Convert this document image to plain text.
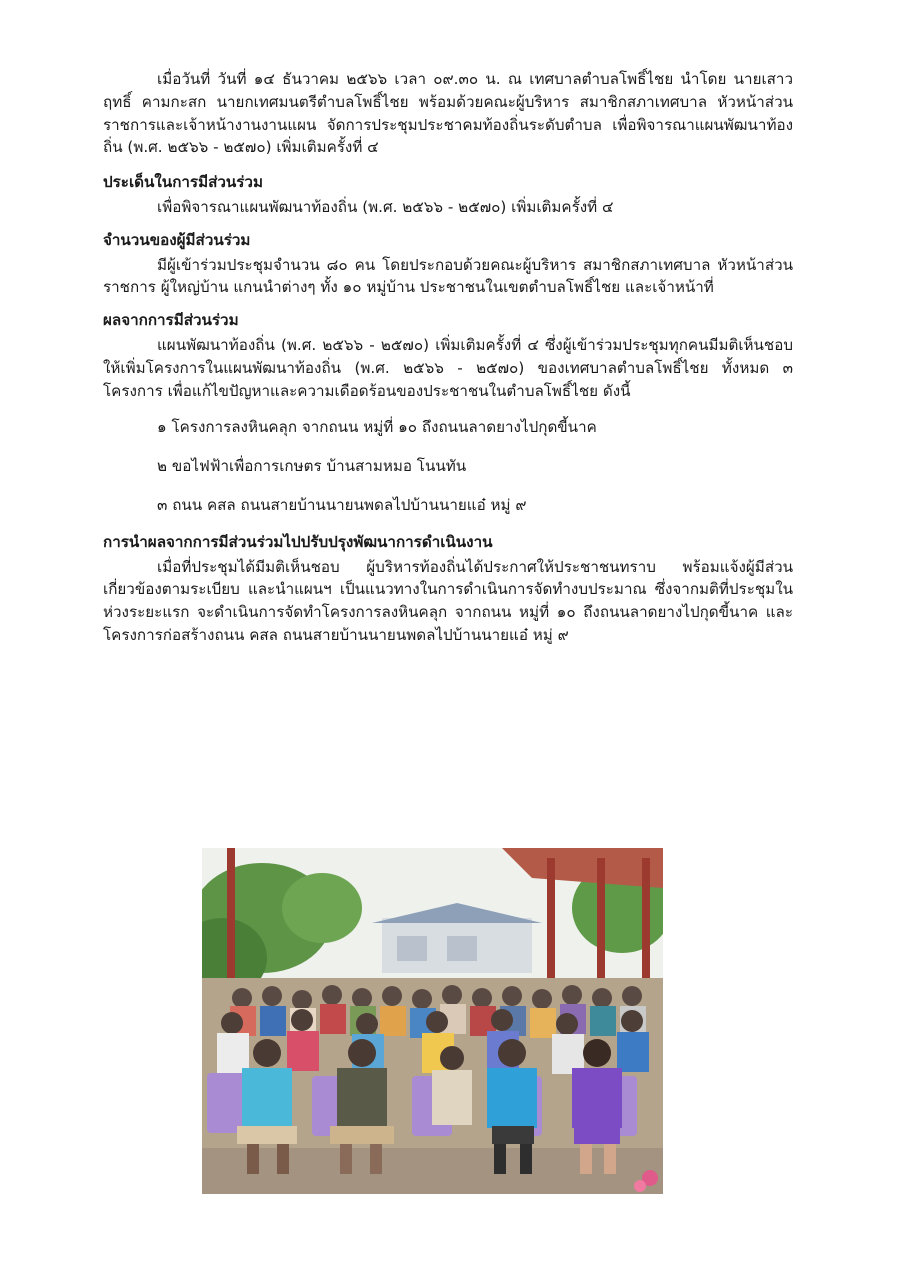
เมื่อวันที่ วันที่ ๑๔ ธันวาคม ๒๕๖๖ เวลา ๐๙.๓๐ น. ณ เทศบาลตำบลโพธิ์ไชย นำโดย นายเสาวฤทธิ์ คามกะสก นายกเทศมนตรีตำบลโพธิ์ไชย พร้อมด้วยคณะผู้บริหาร สมาชิกสภาเทศบาล หัวหน้าส่วนราชการและเจ้าหน้างานงานแผน จัดการประชุมประชาคมท้องถิ่นระดับตำบล เพื่อพิจารณาแผนพัฒนาท้องถิ่น (พ.ศ. ๒๕๖๖ - ๒๕๗๐) เพิ่มเติมครั้งที่ ๔

ประเด็นในการมีส่วนร่วม

เพื่อพิจารณาแผนพัฒนาท้องถิ่น (พ.ศ. ๒๕๖๖ - ๒๕๗๐) เพิ่มเติมครั้งที่ ๔

จำนวนของผู้มีส่วนร่วม

มีผู้เข้าร่วมประชุมจำนวน ๘๐ คน โดยประกอบด้วยคณะผู้บริหาร สมาชิกสภาเทศบาล หัวหน้าส่วนราชการ ผู้ใหญ่บ้าน แกนนำต่างๆ ทั้ง ๑๐ หมู่บ้าน ประชาชนในเขตตำบลโพธิ์ไชย และเจ้าหน้าที่

ผลจากการมีส่วนร่วม

แผนพัฒนาท้องถิ่น (พ.ศ. ๒๕๖๖ - ๒๕๗๐) เพิ่มเติมครั้งที่ ๔ ซึ่งผู้เข้าร่วมประชุมทุกคนมีมติเห็นชอบ ให้เพิ่มโครงการในแผนพัฒนาท้องถิ่น (พ.ศ. ๒๕๖๖ - ๒๕๗๐) ของเทศบาลตำบลโพธิ์ไชย ทั้งหมด ๓ โครงการ เพื่อแก้ไขปัญหาและความเดือดร้อนของประชาชนในตำบลโพธิ์ไชย ดังนี้

๑ โครงการลงหินคลุก จากถนน หมู่ที่ ๑๐ ถึงถนนลาดยางไปกุดขี้นาค

๒ ขอไฟฟ้าเพื่อการเกษตร บ้านสามหมอ โนนทัน

๓ ถนน คสล ถนนสายบ้านนายนพดลไปบ้านนายแอ๋ หมู่ ๙

การนำผลจากการมีส่วนร่วมไปปรับปรุงพัฒนาการดำเนินงาน

เมื่อที่ประชุมได้มีมติเห็นชอบ ผู้บริหารท้องถิ่นได้ประกาศให้ประชาชนทราบ พร้อมแจ้งผู้มีส่วนเกี่ยวข้องตามระเบียบ และนำแผนฯ เป็นแนวทางในการดำเนินการจัดทำงบประมาณ ซึ่งจากมติที่ประชุมในห่วงระยะแรก จะดำเนินการจัดทำโครงการลงหินคลุก จากถนน หมู่ที่ ๑๐ ถึงถนนลาดยางไปกุดขี้นาค และโครงการก่อสร้างถนน คสล ถนนสายบ้านนายนพดลไปบ้านนายแอ๋ หมู่ ๙
